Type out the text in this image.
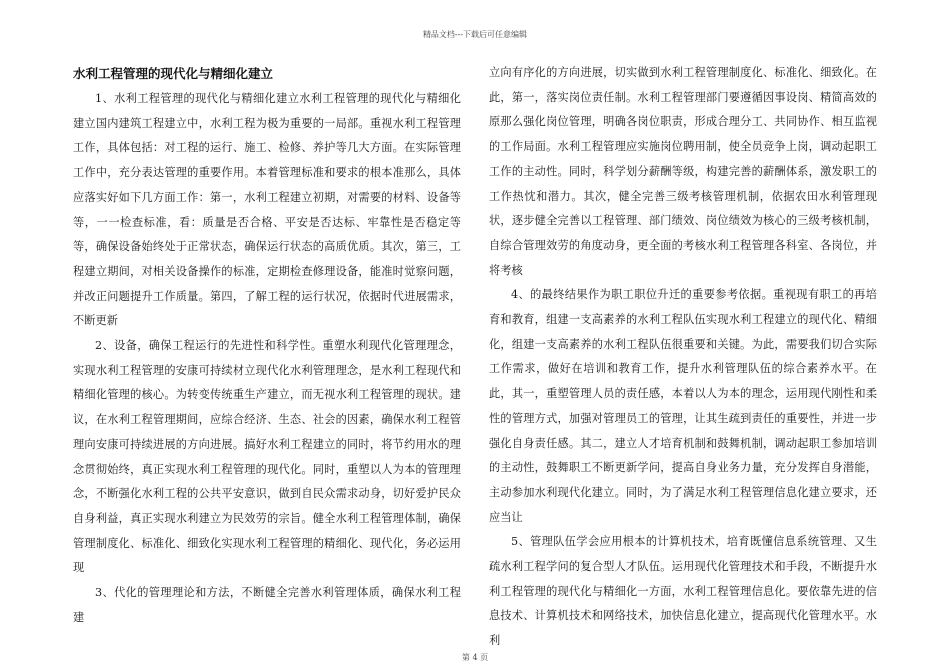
精品文档---下载后可任意编辑
水利工程管理的现代化与精细化建立

1、水利工程管理的现代化与精细化建立水利工程管理的现代化与精细化建立国内建筑工程建立中，水利工程为极为重要的一局部。重视水利工程管理工作，具体包括：对工程的运行、施工、检修、养护等几大方面。在实际管理工作中，充分表达管理的重要作用。本着管理标准和要求的根本准那么，具体应落实好如下几方面工作：第一，水利工程建立初期，对需要的材料、设备等等，一一检查标准，看：质量是否合格、平安是否达标、牢靠性是否稳定等等，确保设备始终处于正常状态，确保运行状态的高质优质。其次，第三，工程建立期间，对相关设备操作的标准，定期检查修理设备，能准时觉察问题，并改正问题提升工作质量。第四，了解工程的运行状况，依据时代进展需求，不断更新

2、设备，确保工程运行的先进性和科学性。重塑水利现代化管理理念，实现水利工程管理的安康可持续材立现代化水利管理理念，是水利工程现代和精细化管理的核心。为转变传统重生产建立，而无视水利工程管理的现状。建议，在水利工程管理期间，应综合经济、生态、社会的因素，确保水利工程管理向安康可持续进展的方向进展。搞好水利工程建立的同时，将节约用水的理念贯彻始终，真正实现水利工程管理的现代化。同时，重塑以人为本的管理理念，不断强化水利工程的公共平安意识，做到自民众需求动身，切好爱护民众自身利益，真正实现水利建立为民效劳的宗旨。健全水利工程管理体制，确保管理制度化、标准化、细致化实现水利工程管理的精细化、现代化，务必运用现

3、代化的管理理论和方法，不断健全完善水利管理体质，确保水利工程建

立向有序化的方向进展，切实做到水利工程管理制度化、标准化、细致化。在此，第一，落实岗位责任制。水利工程管理部门要遵循因事设岗、精简高效的原那么强化岗位管理，明确各岗位职责，形成合理分工、共同协作、相互监视的工作局面。水利工程管理应实施岗位聘用制，使全员竞争上岗，调动起职工工作的主动性。同时，科学划分薪酬等级，构建完善的薪酬体系，激发职工的工作热忱和潜力。其次，健全完善三级考核管理机制，依据农田水利管理现状，逐步健全完善以工程管理、部门绩效、岗位绩效为核心的三级考核机制，自综合管理效劳的角度动身，更全面的考核水利工程管理各科室、各岗位，并将考核

4、的最终结果作为职工职位升迁的重要参考依据。重视现有职工的再培育和教育，组建一支高素养的水利工程队伍实现水利工程建立的现代化、精细化，组建一支高素养的水利工程队伍很重要和关键。为此，需要我们切合实际工作需求，做好在培训和教育工作，提升水利管理队伍的综合素养水平。在此，其一，重塑管理人员的责任感，本着以人为本的理念，运用现代刚性和柔性的管理方式，加强对管理员工的管理，让其生疏到责任的重要性，并进一步强化自身责任感。其二，建立人才培育机制和鼓舞机制，调动起职工参加培训的主动性，鼓舞职工不断更新学问，提高自身业务力量，充分发挥自身潜能，主动参加水利现代化建立。同时，为了满足水利工程管理信息化建立要求，还应当让

5、管理队伍学会应用根本的计算机技术，培育既懂信息系统管理、又生疏水利工程学问的复合型人才队伍。运用现代化管理技术和手段，不断提升水利工程管理的现代化与精细化一方面，水利工程管理信息化。要依靠先进的信息技术、计算机技术和网络技术，加快信息化建立，提高现代化管理水平。水利

第 4 页
